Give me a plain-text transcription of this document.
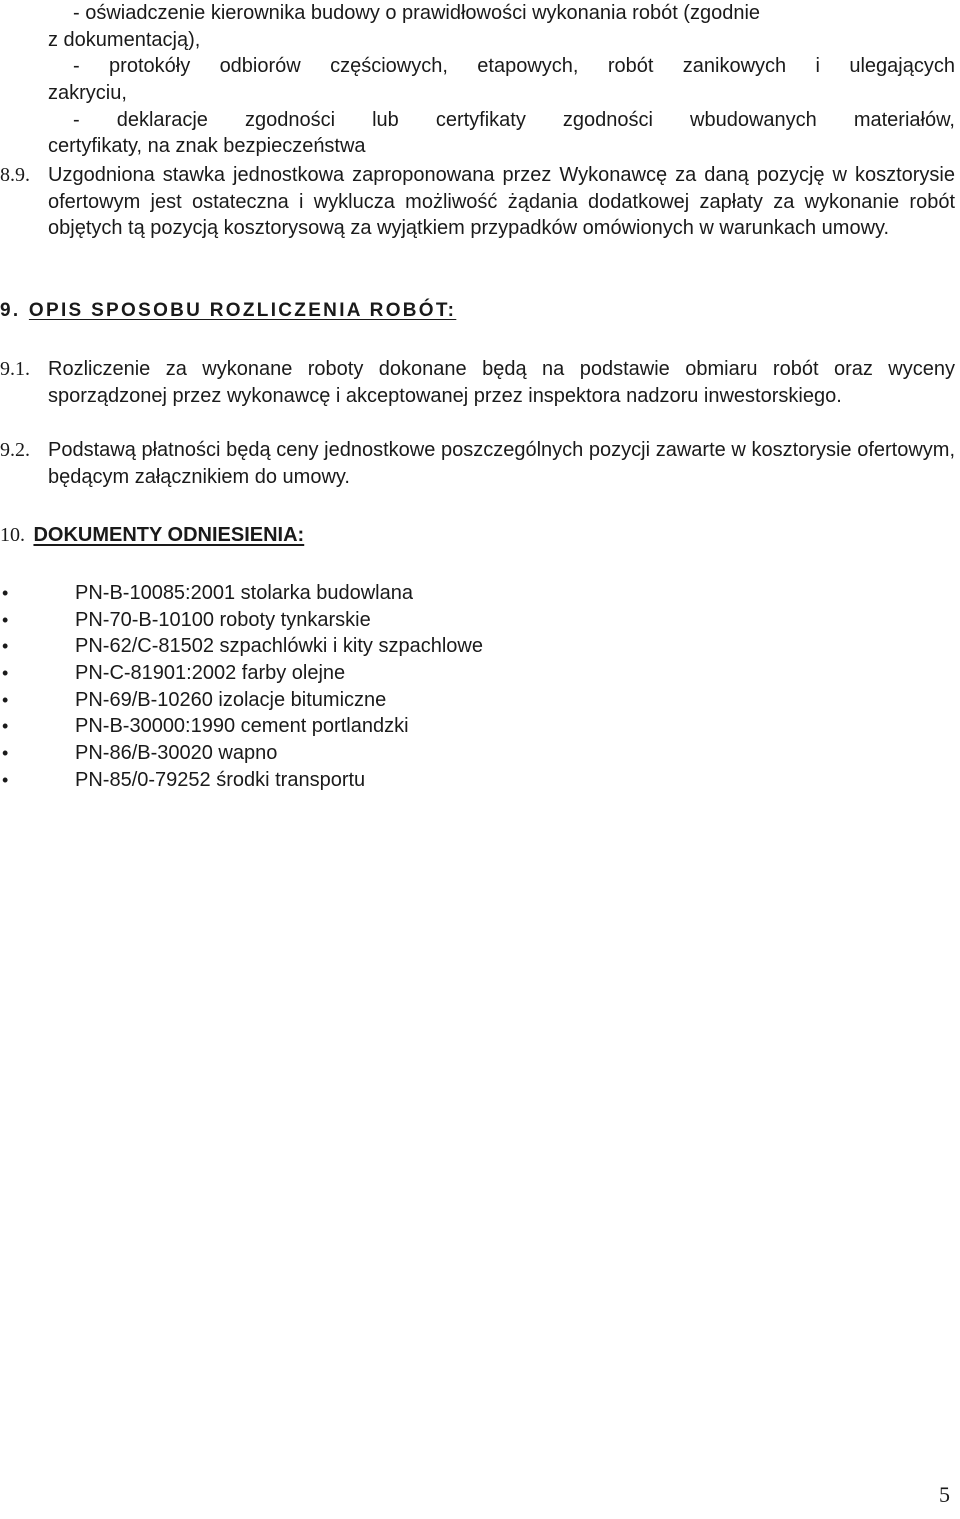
- oświadczenie kierownika budowy o prawidłowości wykonania robót (zgodnie
z dokumentacją),
- protokóły odbiorów częściowych, etapowych, robót zanikowych i ulegających
zakryciu,
- deklaracje zgodności lub certyfikaty zgodności wbudowanych materiałów,
certyfikaty, na znak bezpieczeństwa
8.9. Uzgodniona stawka jednostkowa zaproponowana przez Wykonawcę za daną pozycję w kosztorysie ofertowym jest ostateczna i wyklucza możliwość żądania dodatkowej zapłaty za wykonanie robót objętych tą pozycją kosztorysową za wyjątkiem przypadków omówionych w warunkach umowy.
9. OPIS SPOSOBU ROZLICZENIA ROBÓT:
9.1. Rozliczenie za wykonane roboty dokonane będą na podstawie obmiaru robót oraz wyceny sporządzonej przez wykonawcę i akceptowanej przez inspektora nadzoru inwestorskiego.
9.2. Podstawą płatności będą ceny jednostkowe poszczególnych pozycji zawarte w kosztorysie ofertowym, będącym załącznikiem do umowy.
10. DOKUMENTY ODNIESIENIA:
•	PN-B-10085:2001 stolarka budowlana
•	PN-70-B-10100 roboty tynkarskie
•	PN-62/C-81502 szpachlówki i kity szpachlowe
•	PN-C-81901:2002 farby olejne
•	PN-69/B-10260 izolacje bitumiczne
•	PN-B-30000:1990 cement portlandzki
•	PN-86/B-30020 wapno
•	PN-85/0-79252 środki transportu
5
